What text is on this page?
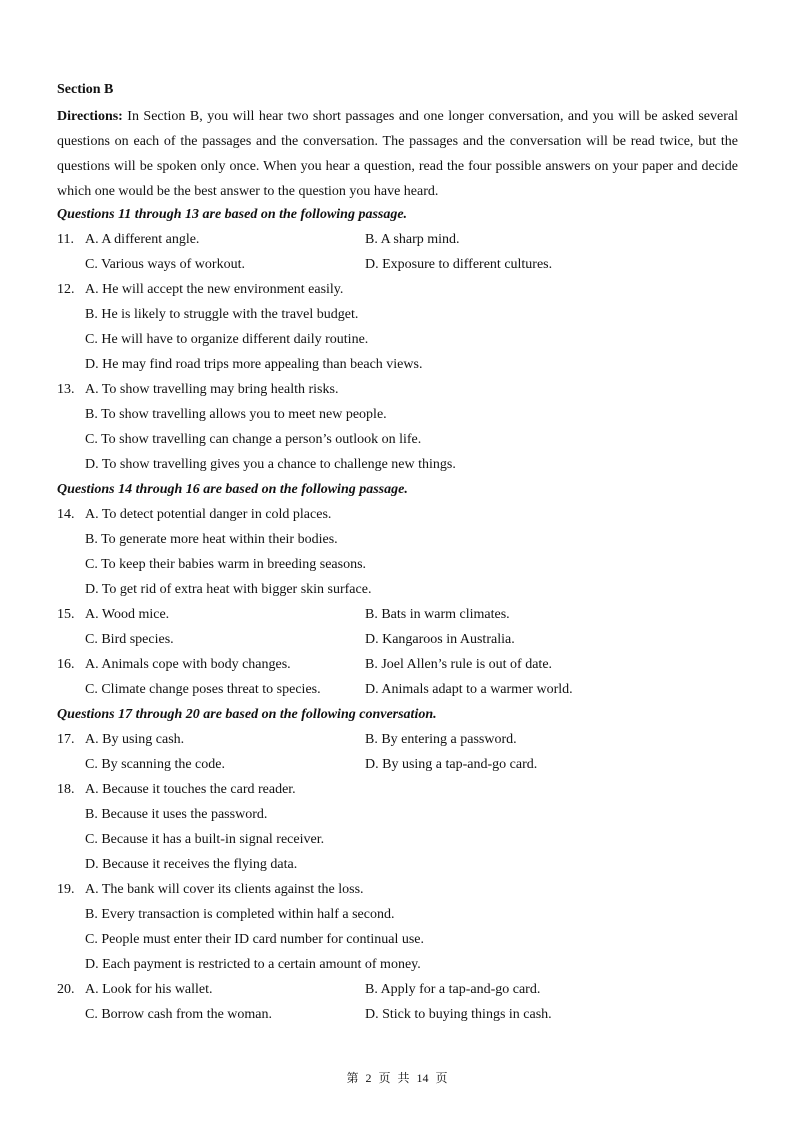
Section B
Directions: In Section B, you will hear two short passages and one longer conversation, and you will be asked several questions on each of the passages and the conversation. The passages and the conversation will be read twice, but the questions will be spoken only once. When you hear a question, read the four possible answers on your paper and decide which one would be the best answer to the question you have heard.
Questions 11 through 13 are based on the following passage.
11. A. A different angle.	B. A sharp mind.
C. Various ways of workout.	D. Exposure to different cultures.
12. A. He will accept the new environment easily.
B. He is likely to struggle with the travel budget.
C. He will have to organize different daily routine.
D. He may find road trips more appealing than beach views.
13. A. To show travelling may bring health risks.
B. To show travelling allows you to meet new people.
C. To show travelling can change a person’s outlook on life.
D. To show travelling gives you a chance to challenge new things.
Questions 14 through 16 are based on the following passage.
14. A. To detect potential danger in cold places.
B. To generate more heat within their bodies.
C. To keep their babies warm in breeding seasons.
D. To get rid of extra heat with bigger skin surface.
15. A. Wood mice.	B. Bats in warm climates.
C. Bird species.	D. Kangaroos in Australia.
16. A. Animals cope with body changes.	B. Joel Allen’s rule is out of date.
C. Climate change poses threat to species.	D. Animals adapt to a warmer world.
Questions 17 through 20 are based on the following conversation.
17. A. By using cash.	B. By entering a password.
C. By scanning the code.	D. By using a tap-and-go card.
18. A. Because it touches the card reader.
B. Because it uses the password.
C. Because it has a built-in signal receiver.
D. Because it receives the flying data.
19. A. The bank will cover its clients against the loss.
B. Every transaction is completed within half a second.
C. People must enter their ID card number for continual use.
D. Each payment is restricted to a certain amount of money.
20. A. Look for his wallet.	B. Apply for a tap-and-go card.
C. Borrow cash from the woman.	D. Stick to buying things in cash.
第 2 页 共 14 页
